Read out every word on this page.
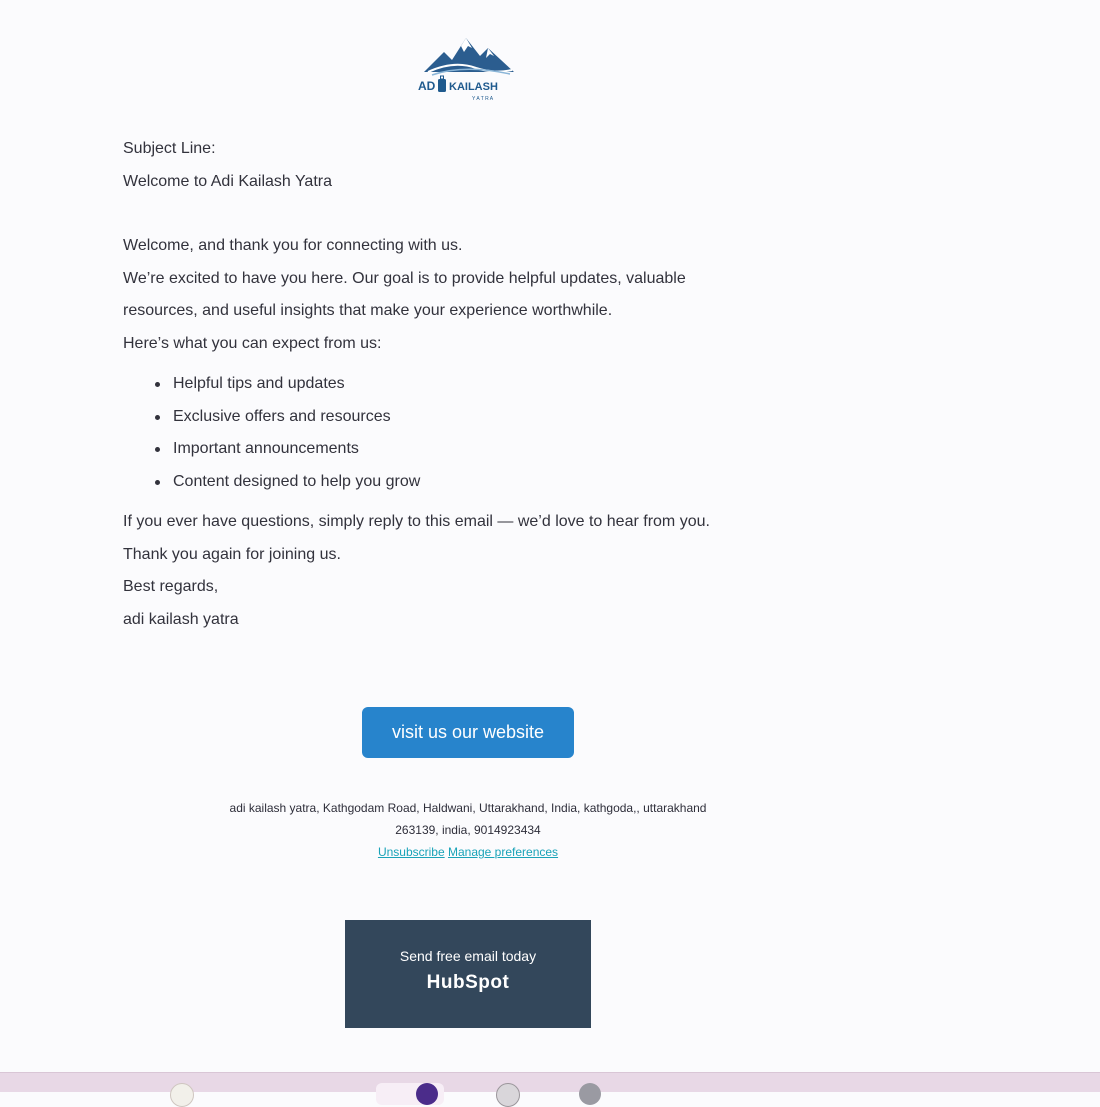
AD KAILASH
Y A T R A

Subject Line:

Welcome to Adi Kailash Yatra

Welcome, and thank you for connecting with us.

We’re excited to have you here. Our goal is to provide helpful updates, valuable

resources, and useful insights that make your experience worthwhile.

Here’s what you can expect from us:

Helpful tips and updates
Exclusive offers and resources
Important announcements
Content designed to help you grow

If you ever have questions, simply reply to this email — we’d love to hear from you.

Thank you again for joining us.

Best regards,

adi kailash yatra

visit us our website
adi kailash yatra, Kathgodam Road, Haldwani, Uttarakhand, India, kathgoda,, uttarakhand
263139, india, 9014923434
Unsubscribe Manage preferences
Send free email today
HubSpot
